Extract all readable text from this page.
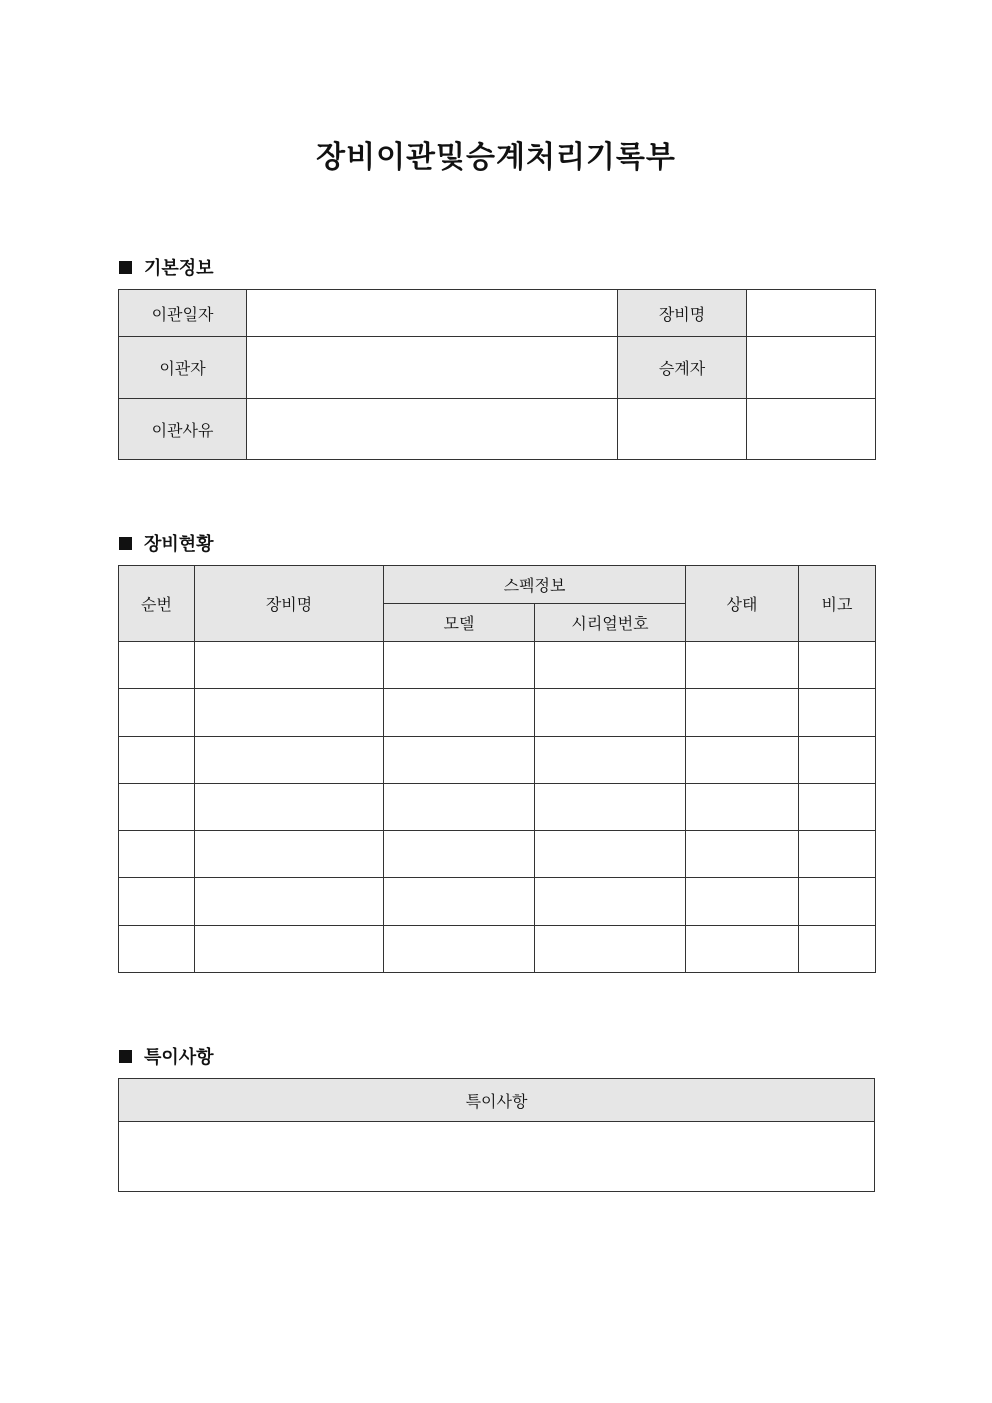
장비이관및승계처리기록부
기본정보
이관일자		장비명	
이관자		승계자	
이관사유			
장비현황
순번	장비명	스펙정보		상태	비고
		모델	시리얼번호		

특이사항
특이사항
